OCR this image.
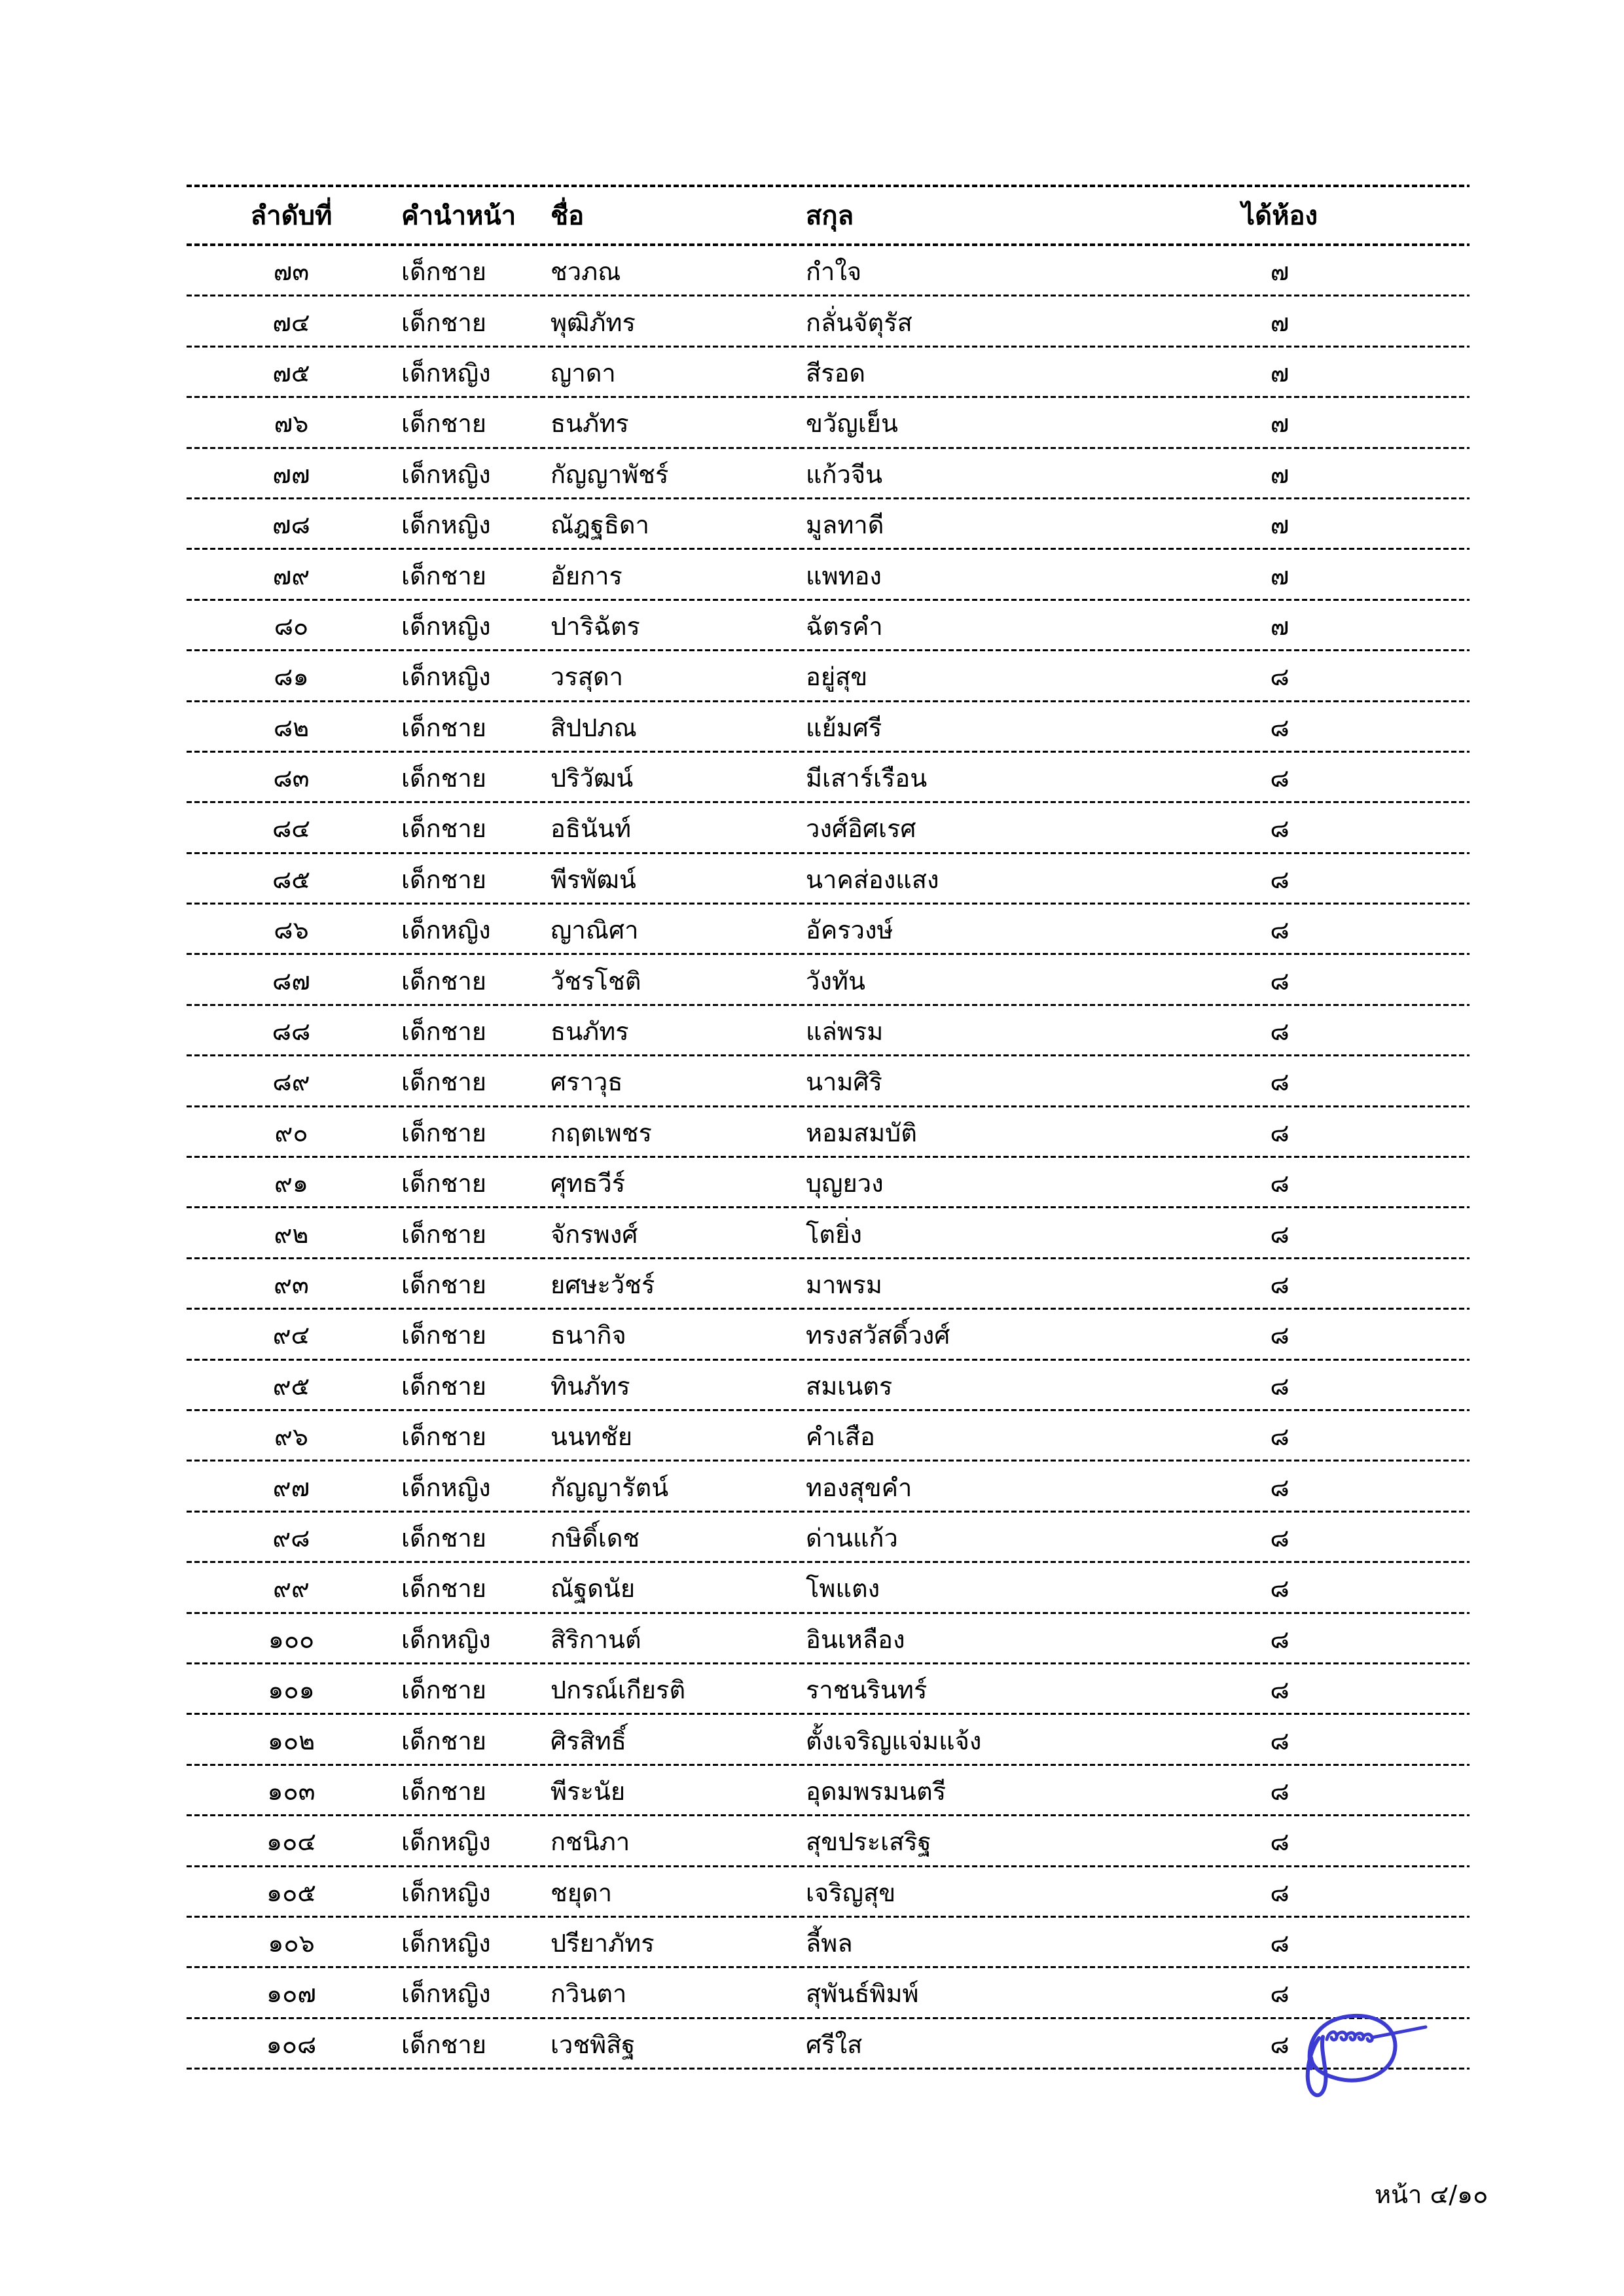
ลำดับที่	คำนำหน้า	ชื่อ	สกุล	ได้ห้อง
๗๓	เด็กชาย	ชวภณ	กำใจ	๗
๗๔	เด็กชาย	พุฒิภัทร	กลั่นจัตุรัส	๗
๗๕	เด็กหญิง	ญาดา	สีรอด	๗
๗๖	เด็กชาย	ธนภัทร	ขวัญเย็น	๗
๗๗	เด็กหญิง	กัญญาพัชร์	แก้วจีน	๗
๗๘	เด็กหญิง	ณัฎฐธิดา	มูลทาดี	๗
๗๙	เด็กชาย	อัยการ	แพทอง	๗
๘๐	เด็กหญิง	ปาริฉัตร	ฉัตรคำ	๗
๘๑	เด็กหญิง	วรสุดา	อยู่สุข	๘
๘๒	เด็กชาย	สิปปภณ	แย้มศรี	๘
๘๓	เด็กชาย	ปริวัฒน์	มีเสาร์เรือน	๘
๘๔	เด็กชาย	อธินันท์	วงศ์อิศเรศ	๘
๘๕	เด็กชาย	พีรพัฒน์	นาคส่องแสง	๘
๘๖	เด็กหญิง	ญาณิศา	อัครวงษ์	๘
๘๗	เด็กชาย	วัชรโชติ	วังทัน	๘
๘๘	เด็กชาย	ธนภัทร	แล่พรม	๘
๘๙	เด็กชาย	ศราวุธ	นามศิริ	๘
๙๐	เด็กชาย	กฤตเพชร	หอมสมบัติ	๘
๙๑	เด็กชาย	ศุทธวีร์	บุญยวง	๘
๙๒	เด็กชาย	จักรพงศ์	โตยิ่ง	๘
๙๓	เด็กชาย	ยศษะวัชร์	มาพรม	๘
๙๔	เด็กชาย	ธนากิจ	ทรงสวัสดิ์วงศ์	๘
๙๕	เด็กชาย	ทินภัทร	สมเนตร	๘
๙๖	เด็กชาย	นนทชัย	คำเสือ	๘
๙๗	เด็กหญิง	กัญญารัตน์	ทองสุขคำ	๘
๙๘	เด็กชาย	กษิดิ์เดช	ด่านแก้ว	๘
๙๙	เด็กชาย	ณัฐดนัย	โพแตง	๘
๑๐๐	เด็กหญิง	สิริกานต์	อินเหลือง	๘
๑๐๑	เด็กชาย	ปกรณ์เกียรติ	ราชนรินทร์	๘
๑๐๒	เด็กชาย	ศิรสิทธิ์	ตั้งเจริญแจ่มแจ้ง	๘
๑๐๓	เด็กชาย	พีระนัย	อุดมพรมนตรี	๘
๑๐๔	เด็กหญิง	กชนิภา	สุขประเสริฐ	๘
๑๐๕	เด็กหญิง	ชยุดา	เจริญสุข	๘
๑๐๖	เด็กหญิง	ปรียาภัทร	ลี้พล	๘
๑๐๗	เด็กหญิง	กวินตา	สุพันธ์พิมพ์	๘
๑๐๘	เด็กชาย	เวชพิสิฐ	ศรีใส	๘
หน้า ๔/๑๐
